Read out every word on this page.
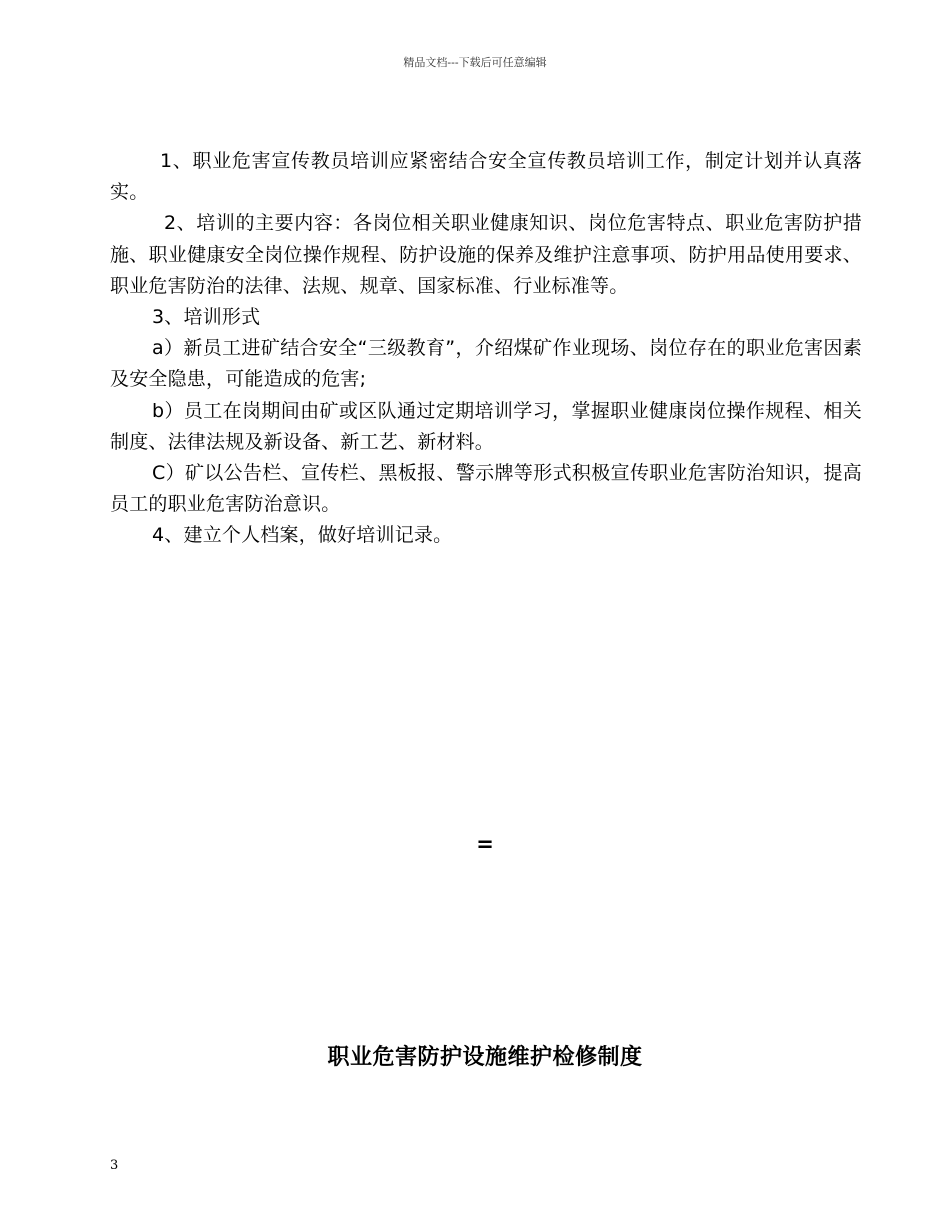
精品文档---下载后可任意编辑

1、职业危害宣传教员培训应紧密结合安全宣传教员培训工作，制定计划并认真落实。

2、培训的主要内容：各岗位相关职业健康知识、岗位危害特点、职业危害防护措施、职业健康安全岗位操作规程、防护设施的保养及维护注意事项、防护用品使用要求、职业危害防治的法律、法规、规章、国家标准、行业标准等。

3、培训形式

a）新员工进矿结合安全“三级教育”，介绍煤矿作业现场、岗位存在的职业危害因素及安全隐患，可能造成的危害;

b）员工在岗期间由矿或区队通过定期培训学习，掌握职业健康岗位操作规程、相关制度、法律法规及新设备、新工艺、新材料。

C）矿以公告栏、宣传栏、黑板报、警示牌等形式积极宣传职业危害防治知识，提高员工的职业危害防治意识。

4、建立个人档案，做好培训记录。

=
职业危害防护设施维护检修制度
3
